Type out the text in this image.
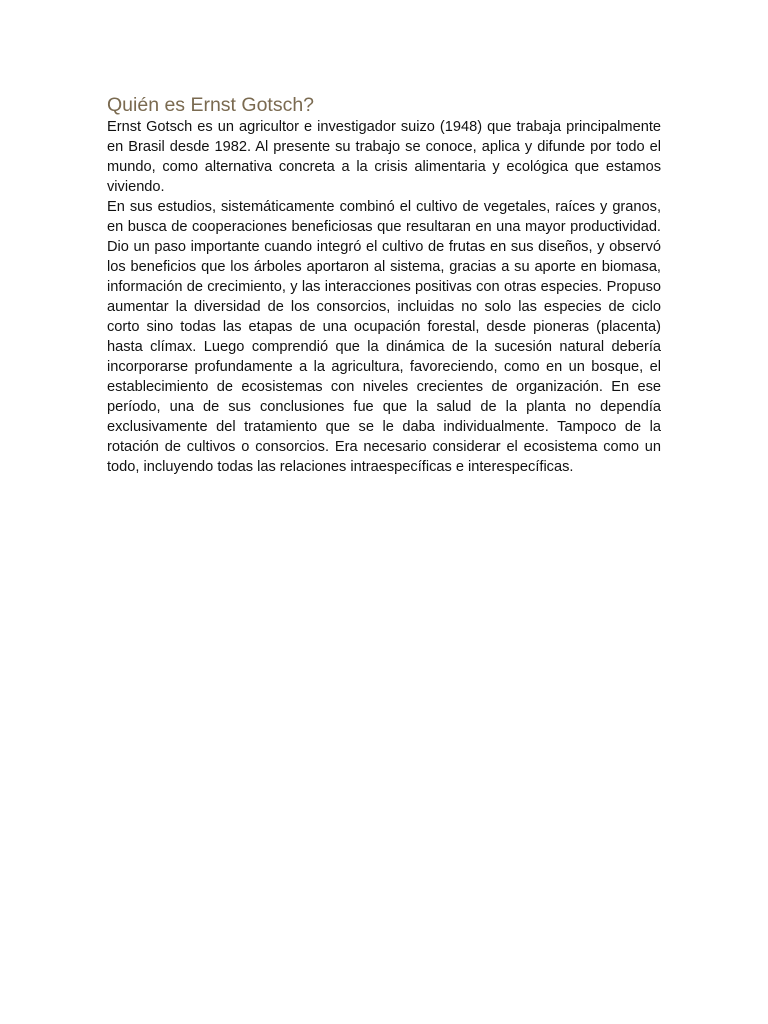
Quién es Ernst Gotsch?

Ernst Gotsch es un agricultor e investigador suizo (1948) que trabaja principalmente en Brasil desde 1982. Al presente su trabajo se conoce, aplica y difunde por todo el mundo, como alternativa concreta a la crisis alimentaria y ecológica que estamos viviendo.

En sus estudios, sistemáticamente combinó el cultivo de vegetales, raíces y granos, en busca de cooperaciones beneficiosas que resultaran en una mayor productividad. Dio un paso importante cuando integró el cultivo de frutas en sus diseños, y observó los beneficios que los árboles aportaron al sistema, gracias a su aporte en biomasa, información de crecimiento, y las interacciones positivas con otras especies. Propuso aumentar la diversidad de los consorcios, incluidas no solo las especies de ciclo corto sino todas las etapas de una ocupación forestal, desde pioneras (placenta) hasta clímax. Luego comprendió que la dinámica de la sucesión natural debería incorporarse profundamente a la agricultura, favoreciendo, como en un bosque, el establecimiento de ecosistemas con niveles crecientes de organización. En ese período, una de sus conclusiones fue que la salud de la planta no dependía exclusivamente del tratamiento que se le daba individualmente. Tampoco de la rotación de cultivos o consorcios. Era necesario considerar el ecosistema como un todo, incluyendo todas las relaciones intraespecíficas e interespecíficas.
